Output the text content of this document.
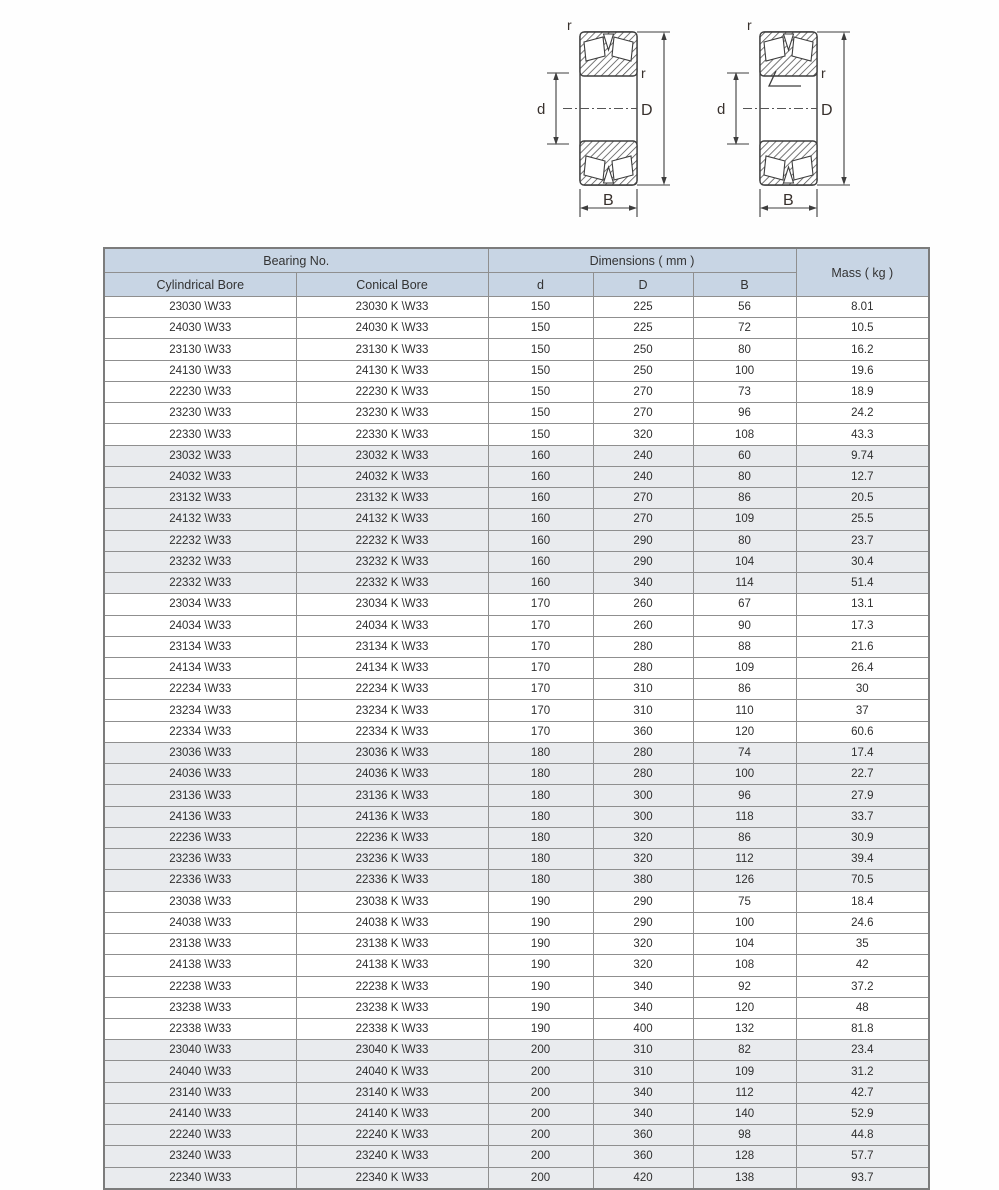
r
r
d	D
B
r
r
d	D
B
Bearing No.		Dimensions ( mm )			Mass ( kg )
Cylindrical Bore	Conical Bore	d	D	B	
23030 \W33	23030 K \W33	150	225	56	8.01
24030 \W33	24030 K \W33	150	225	72	10.5
23130 \W33	23130 K \W33	150	250	80	16.2
24130 \W33	24130 K \W33	150	250	100	19.6
22230 \W33	22230 K \W33	150	270	73	18.9
23230 \W33	23230 K \W33	150	270	96	24.2
22330 \W33	22330 K \W33	150	320	108	43.3
23032 \W33	23032 K \W33	160	240	60	9.74
24032 \W33	24032 K \W33	160	240	80	12.7
23132 \W33	23132 K \W33	160	270	86	20.5
24132 \W33	24132 K \W33	160	270	109	25.5
22232 \W33	22232 K \W33	160	290	80	23.7
23232 \W33	23232 K \W33	160	290	104	30.4
22332 \W33	22332 K \W33	160	340	114	51.4
23034 \W33	23034 K \W33	170	260	67	13.1
24034 \W33	24034 K \W33	170	260	90	17.3
23134 \W33	23134 K \W33	170	280	88	21.6
24134 \W33	24134 K \W33	170	280	109	26.4
22234 \W33	22234 K \W33	170	310	86	30
23234 \W33	23234 K \W33	170	310	110	37
22334 \W33	22334 K \W33	170	360	120	60.6
23036 \W33	23036 K \W33	180	280	74	17.4
24036 \W33	24036 K \W33	180	280	100	22.7
23136 \W33	23136 K \W33	180	300	96	27.9
24136 \W33	24136 K \W33	180	300	118	33.7
22236 \W33	22236 K \W33	180	320	86	30.9
23236 \W33	23236 K \W33	180	320	112	39.4
22336 \W33	22336 K \W33	180	380	126	70.5
23038 \W33	23038 K \W33	190	290	75	18.4
24038 \W33	24038 K \W33	190	290	100	24.6
23138 \W33	23138 K \W33	190	320	104	35
24138 \W33	24138 K \W33	190	320	108	42
22238 \W33	22238 K \W33	190	340	92	37.2
23238 \W33	23238 K \W33	190	340	120	48
22338 \W33	22338 K \W33	190	400	132	81.8
23040 \W33	23040 K \W33	200	310	82	23.4
24040 \W33	24040 K \W33	200	310	109	31.2
23140 \W33	23140 K \W33	200	340	112	42.7
24140 \W33	24140 K \W33	200	340	140	52.9
22240 \W33	22240 K \W33	200	360	98	44.8
23240 \W33	23240 K \W33	200	360	128	57.7
22340 \W33	22340 K \W33	200	420	138	93.7
